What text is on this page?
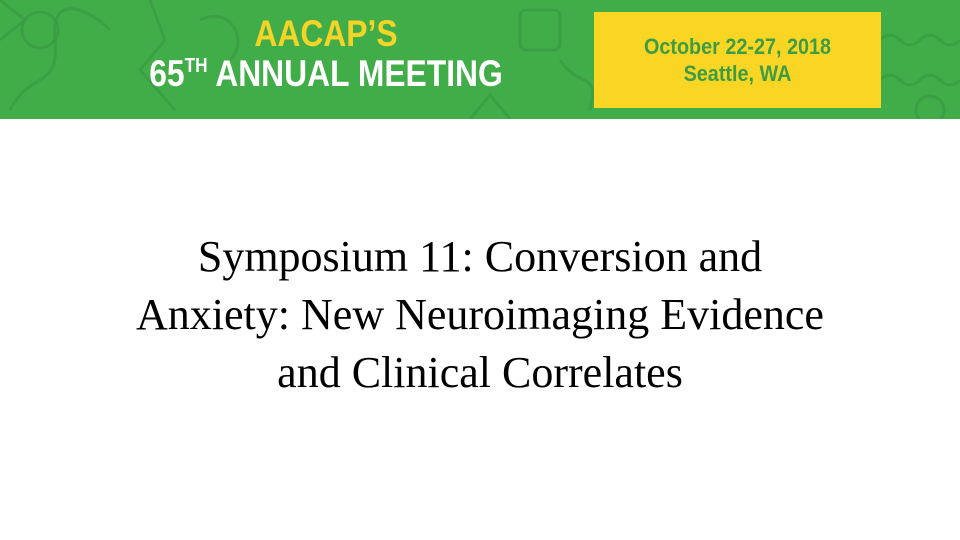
AACAP’S
65TH ANNUAL MEETING
October 22-27, 2018
Seattle, WA
Symposium 11: Conversion and
Anxiety: New Neuroimaging Evidence
and Clinical Correlates
